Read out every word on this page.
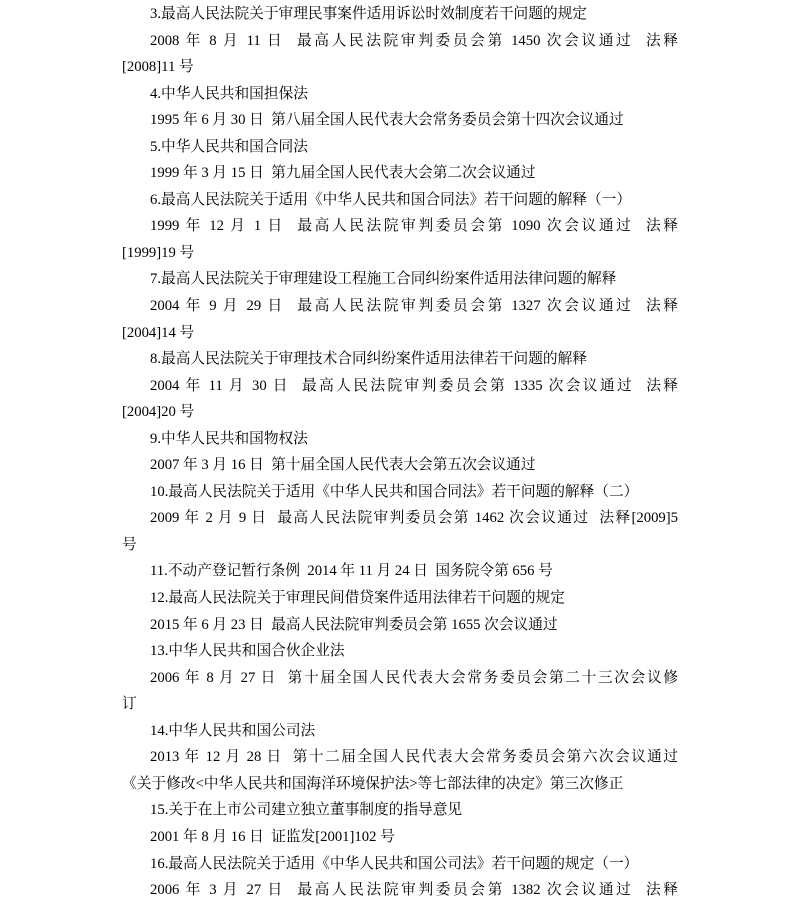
3.最高人民法院关于审理民事案件适用诉讼时效制度若干问题的规定
2008 年 8 月 11 日  最高人民法院审判委员会第 1450 次会议通过  法释
[2008]11 号
4.中华人民共和国担保法
1995 年 6 月 30 日  第八届全国人民代表大会常务委员会第十四次会议通过
5.中华人民共和国合同法
1999 年 3 月 15 日  第九届全国人民代表大会第二次会议通过
6.最高人民法院关于适用《中华人民共和国合同法》若干问题的解释（一）
1999 年 12 月 1 日  最高人民法院审判委员会第 1090 次会议通过  法释
[1999]19 号
7.最高人民法院关于审理建设工程施工合同纠纷案件适用法律问题的解释
2004 年 9 月 29 日  最高人民法院审判委员会第 1327 次会议通过  法释
[2004]14 号
8.最高人民法院关于审理技术合同纠纷案件适用法律若干问题的解释
2004 年 11 月 30 日  最高人民法院审判委员会第 1335 次会议通过  法释
[2004]20 号
9.中华人民共和国物权法
2007 年 3 月 16 日  第十届全国人民代表大会第五次会议通过
10.最高人民法院关于适用《中华人民共和国合同法》若干问题的解释（二）
2009 年 2 月 9 日  最高人民法院审判委员会第 1462 次会议通过  法释[2009]5
号
11.不动产登记暂行条例  2014 年 11 月 24 日  国务院令第 656 号
12.最高人民法院关于审理民间借贷案件适用法律若干问题的规定
2015 年 6 月 23 日  最高人民法院审判委员会第 1655 次会议通过
13.中华人民共和国合伙企业法
2006 年 8 月 27 日  第十届全国人民代表大会常务委员会第二十三次会议修
订
14.中华人民共和国公司法
2013 年 12 月 28 日  第十二届全国人民代表大会常务委员会第六次会议通过
《关于修改<中华人民共和国海洋环境保护法>等七部法律的决定》第三次修正
15.关于在上市公司建立独立董事制度的指导意见
2001 年 8 月 16 日  证监发[2001]102 号
16.最高人民法院关于适用《中华人民共和国公司法》若干问题的规定（一）
2006 年 3 月 27 日  最高人民法院审判委员会第 1382 次会议通过  法释
